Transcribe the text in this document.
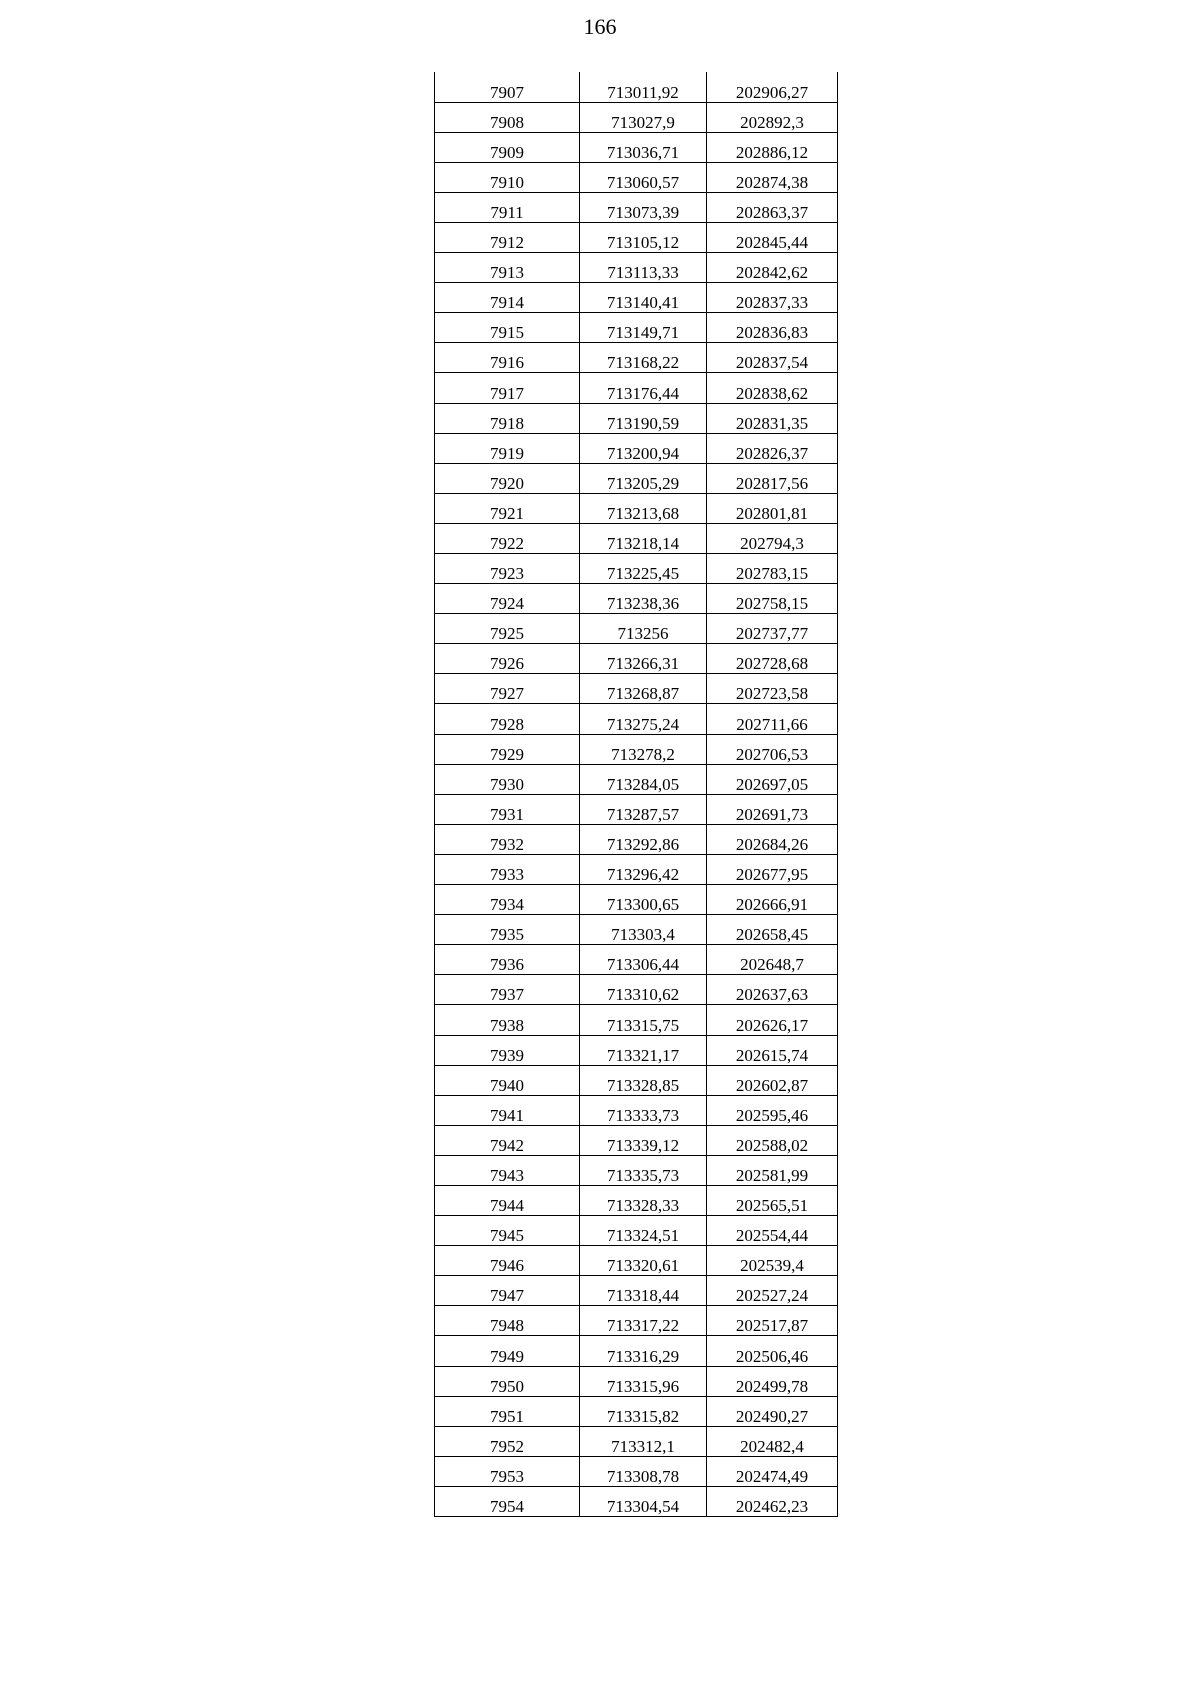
166
7907	713011,92	202906,27
7908	713027,9	202892,3
7909	713036,71	202886,12
7910	713060,57	202874,38
7911	713073,39	202863,37
7912	713105,12	202845,44
7913	713113,33	202842,62
7914	713140,41	202837,33
7915	713149,71	202836,83
7916	713168,22	202837,54
7917	713176,44	202838,62
7918	713190,59	202831,35
7919	713200,94	202826,37
7920	713205,29	202817,56
7921	713213,68	202801,81
7922	713218,14	202794,3
7923	713225,45	202783,15
7924	713238,36	202758,15
7925	713256	202737,77
7926	713266,31	202728,68
7927	713268,87	202723,58
7928	713275,24	202711,66
7929	713278,2	202706,53
7930	713284,05	202697,05
7931	713287,57	202691,73
7932	713292,86	202684,26
7933	713296,42	202677,95
7934	713300,65	202666,91
7935	713303,4	202658,45
7936	713306,44	202648,7
7937	713310,62	202637,63
7938	713315,75	202626,17
7939	713321,17	202615,74
7940	713328,85	202602,87
7941	713333,73	202595,46
7942	713339,12	202588,02
7943	713335,73	202581,99
7944	713328,33	202565,51
7945	713324,51	202554,44
7946	713320,61	202539,4
7947	713318,44	202527,24
7948	713317,22	202517,87
7949	713316,29	202506,46
7950	713315,96	202499,78
7951	713315,82	202490,27
7952	713312,1	202482,4
7953	713308,78	202474,49
7954	713304,54	202462,23
